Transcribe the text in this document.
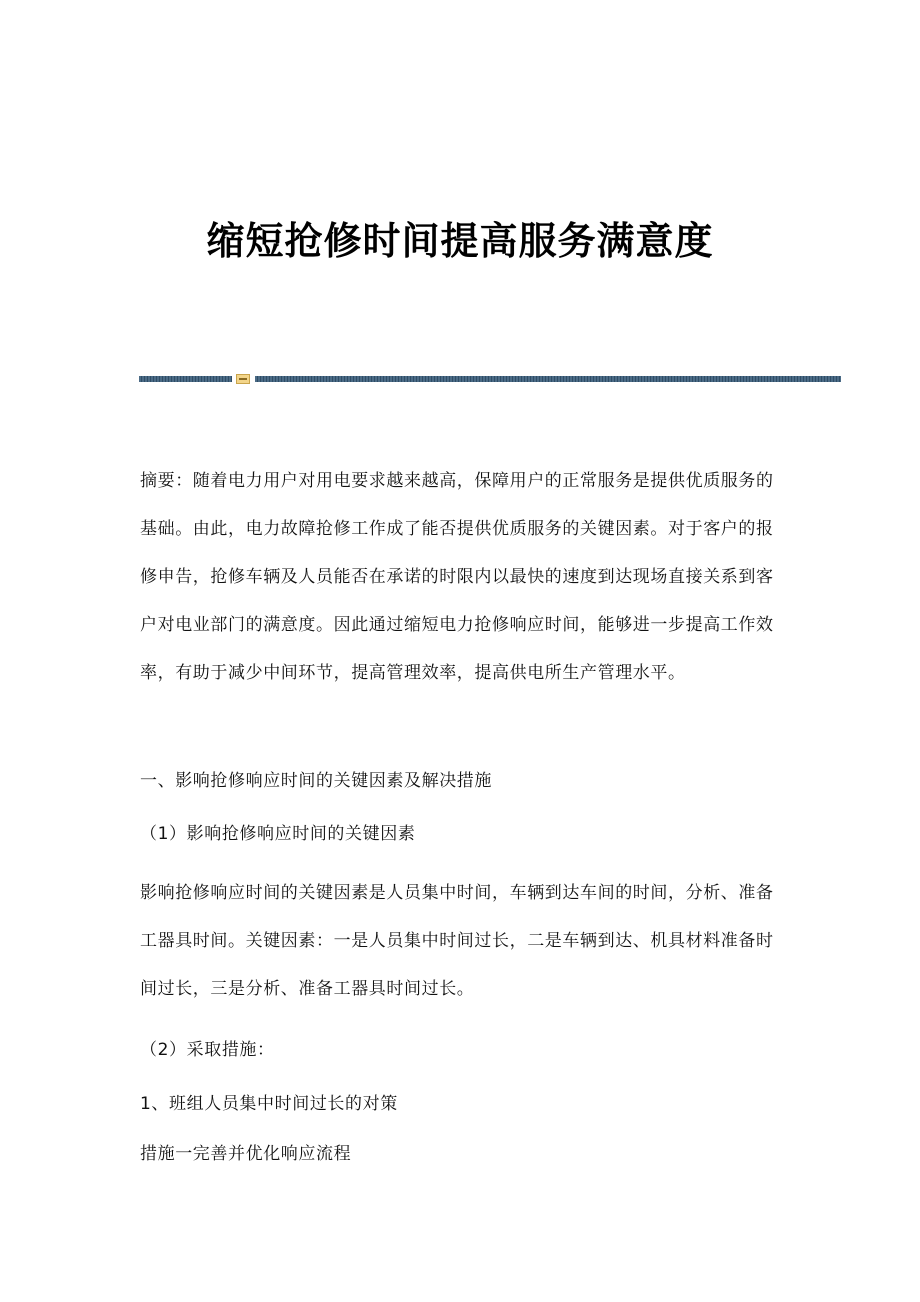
缩短抢修时间提高服务满意度

摘要：随着电力用户对用电要求越来越高，保障用户的正常服务是提供优质服务的基础。由此，电力故障抢修工作成了能否提供优质服务的关键因素。对于客户的报修申告，抢修车辆及人员能否在承诺的时限内以最快的速度到达现场直接关系到客户对电业部门的满意度。因此通过缩短电力抢修响应时间，能够进一步提高工作效率，有助于减少中间环节，提高管理效率，提高供电所生产管理水平。

一、影响抢修响应时间的关键因素及解决措施

（1）影响抢修响应时间的关键因素

影响抢修响应时间的关键因素是人员集中时间，车辆到达车间的时间，分析、准备工器具时间。关键因素：一是人员集中时间过长，二是车辆到达、机具材料准备时间过长，三是分析、准备工器具时间过长。

（2）采取措施：

1、班组人员集中时间过长的对策

措施一完善并优化响应流程
